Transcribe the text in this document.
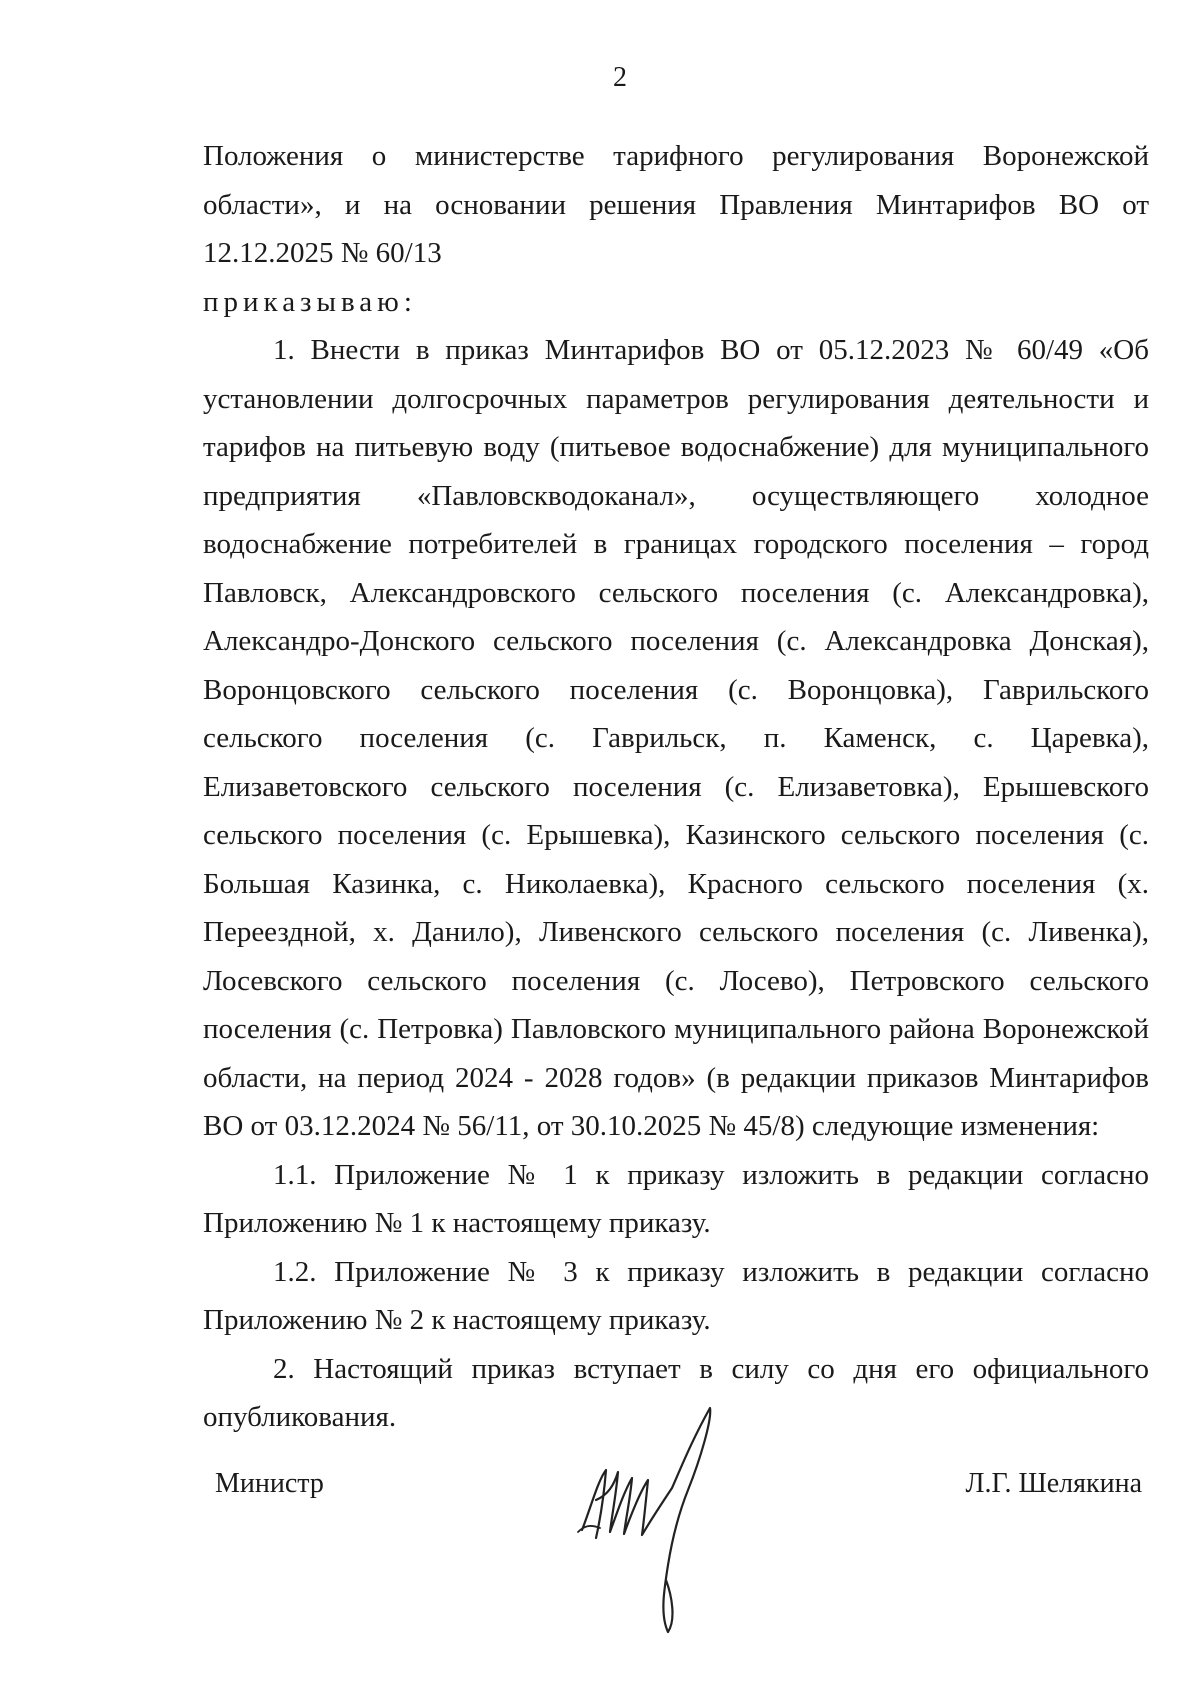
2

Положения о министерстве тарифного регулирования Воронежской области», и на основании решения Правления Минтарифов ВО от 12.12.2025 № 60/13

приказываю:

1. Внести в приказ Минтарифов ВО от 05.12.2023 № 60/49 «Об установлении долгосрочных параметров регулирования деятельности и тарифов на питьевую воду (питьевое водоснабжение) для муниципального предприятия «Павловскводоканал», осуществляющего холодное водоснабжение потребителей в границах городского поселения – город Павловск, Александровского сельского поселения (с. Александровка), Александро-Донского сельского поселения (с. Александровка Донская), Воронцовского сельского поселения (с. Воронцовка), Гаврильского сельского поселения (с. Гаврильск, п. Каменск, с. Царевка), Елизаветовского сельского поселения (с. Елизаветовка), Ерышевского сельского поселения (с. Ерышевка), Казинского сельского поселения (с. Большая Казинка, с. Николаевка), Красного сельского поселения (х. Переездной, х. Данило), Ливенского сельского поселения (с. Ливенка), Лосевского сельского поселения (с. Лосево), Петровского сельского поселения (с. Петровка) Павловского муниципального района Воронежской области, на период 2024 - 2028 годов» (в редакции приказов Минтарифов ВО от 03.12.2024 № 56/11, от 30.10.2025 № 45/8) следующие изменения:

1.1. Приложение № 1 к приказу изложить в редакции согласно Приложению № 1 к настоящему приказу.

1.2. Приложение № 3 к приказу изложить в редакции согласно Приложению № 2 к настоящему приказу.

2. Настоящий приказ вступает в силу со дня его официального опубликования.

Министр	Л.Г. Шелякина
